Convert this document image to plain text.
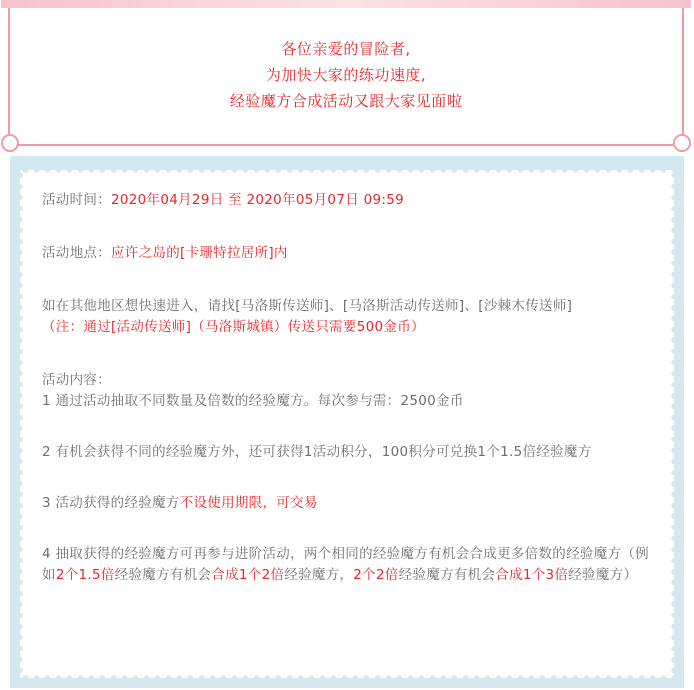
各位亲爱的冒险者,
为加快大家的练功速度,
经验魔方合成活动又跟大家见面啦

活动时间：2020年04月29日 至 2020年05月07日 09:59

活动地点：应许之岛的[卡珊特拉居所]内

如在其他地区想快速进入，请找[马洛斯传送师]、[马洛斯活动传送师]、[沙棘木传送师]

（注：通过[活动传送师]（马洛斯城镇）传送只需要500金币）

活动内容：

1 通过活动抽取不同数量及倍数的经验魔方。每次参与需：2500金币

2 有机会获得不同的经验魔方外，还可获得1活动积分，100积分可兑换1个1.5倍经验魔方

3 活动获得的经验魔方不设使用期限，可交易

4 抽取获得的经验魔方可再参与进阶活动，两个相同的经验魔方有机会合成更多倍数的经验魔方（例如2个1.5倍经验魔方有机会合成1个2倍经验魔方，2个2倍经验魔方有机会合成1个3倍经验魔方）
